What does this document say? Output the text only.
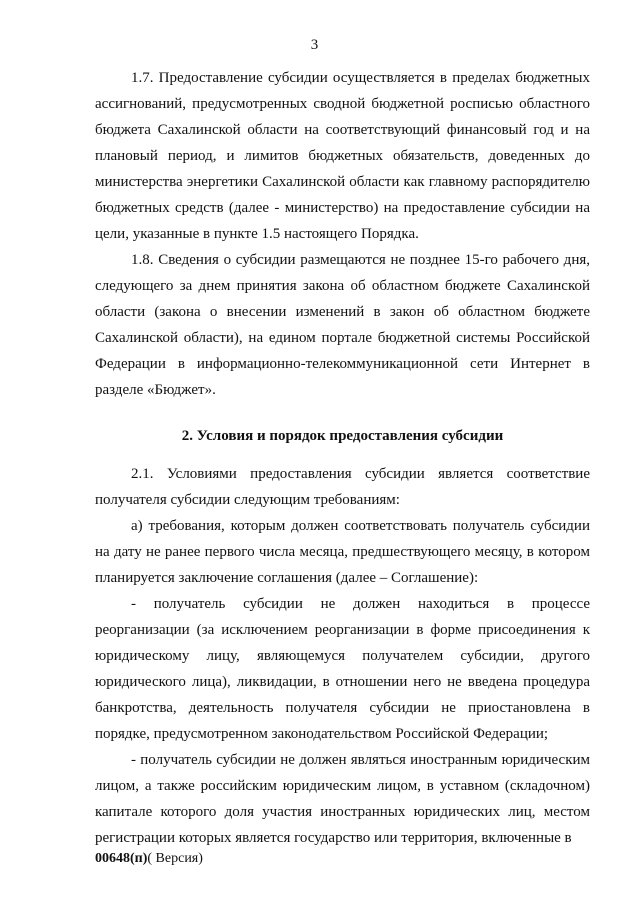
3

1.7. Предоставление субсидии осуществляется в пределах бюджетных ассигнований, предусмотренных сводной бюджетной росписью областного бюджета Сахалинской области на соответствующий финансовый год и на плановый период, и лимитов бюджетных обязательств, доведенных до министерства энергетики Сахалинской области как главному распорядителю бюджетных средств (далее - министерство) на предоставление субсидии на цели, указанные в пункте 1.5 настоящего Порядка.

1.8. Сведения о субсидии размещаются не позднее 15-го рабочего дня, следующего за днем принятия закона об областном бюджете Сахалинской области (закона о внесении изменений в закон об областном бюджете Сахалинской области), на едином портале бюджетной системы Российской Федерации в информационно-телекоммуникационной сети Интернет в разделе «Бюджет».

2. Условия и порядок предоставления субсидии

2.1. Условиями предоставления субсидии является соответствие получателя субсидии следующим требованиям:

а) требования, которым должен соответствовать получатель субсидии на дату не ранее первого числа месяца, предшествующего месяцу, в котором планируется заключение соглашения (далее – Соглашение):

- получатель субсидии не должен находиться в процессе реорганизации (за исключением реорганизации в форме присоединения к юридическому лицу, являющемуся получателем субсидии, другого юридического лица), ликвидации, в отношении него не введена процедура банкротства, деятельность получателя субсидии не приостановлена в порядке, предусмотренном законодательством Российской Федерации;

- получатель субсидии не должен являться иностранным юридическим лицом, а также российским юридическим лицом, в уставном (складочном) капитале которого доля участия иностранных юридических лиц, местом регистрации которых является государство или территория, включенные в

00648(п)( Версия)
